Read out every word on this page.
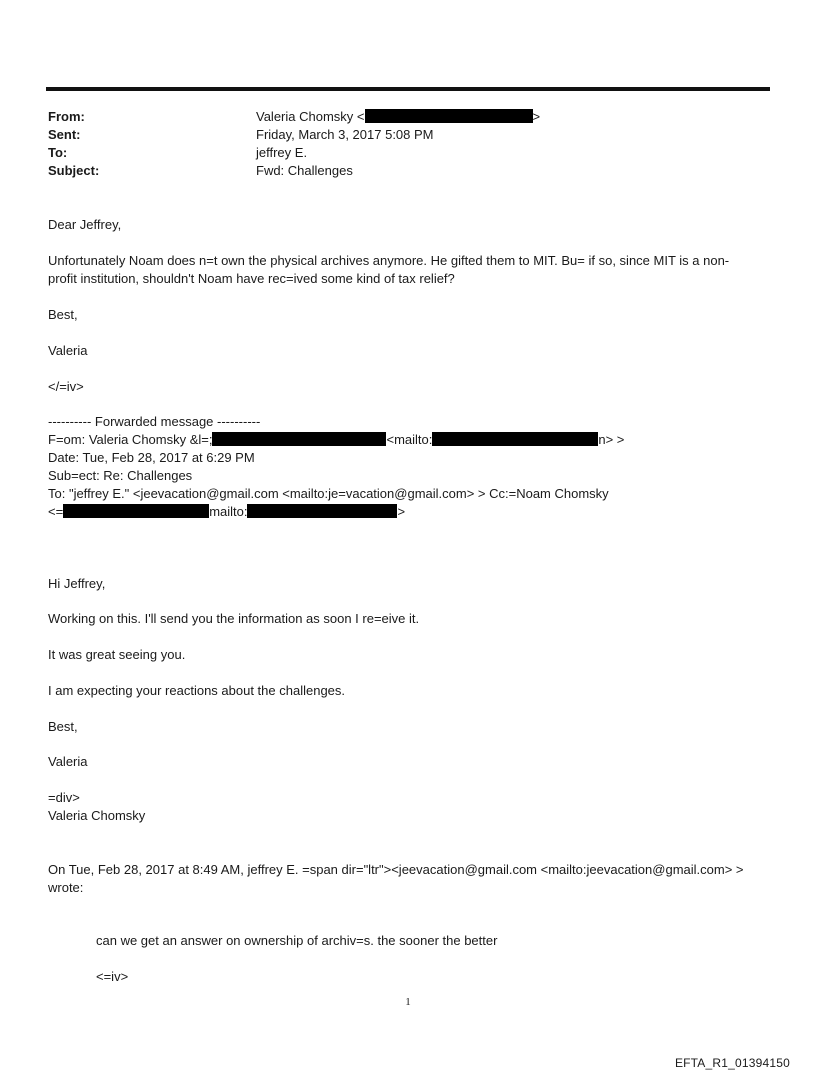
From:	Valeria Chomsky <	>
Sent:	Friday, March 3, 2017 5:08 PM
To:	jeffrey E.
Subject:	Fwd: Challenges
Dear Jeffrey,
Unfortunately Noam does n=t own the physical archives anymore. He gifted them to MIT. Bu= if so, since MIT is a non-
profit institution, shouldn't Noam have rec=ived some kind of tax relief?
Best,
Valeria
</=iv>
---------- Forwarded message ----------
F=om: Valeria Chomsky &l=;	<mailto:	n> >
Date: Tue, Feb 28, 2017 at 6:29 PM
Sub=ect: Re: Challenges
To: "jeffrey E." <jeevacation@gmail.com <mailto:je=vacation@gmail.com> > Cc:=Noam Chomsky
<=	mailto:	>
Hi Jeffrey,
Working on this. I'll send you the information as soon I re=eive it.
It was great seeing you.
I am expecting your reactions about the challenges.
Best,
Valeria
=div>
Valeria Chomsky
On Tue, Feb 28, 2017 at 8:49 AM, jeffrey E. =span dir="ltr"><jeevacation@gmail.com <mailto:jeevacation@gmail.com> >
wrote:
can we get an answer on ownership of archiv=s. the sooner the better
<=iv>
1
EFTA_R1_01394150
